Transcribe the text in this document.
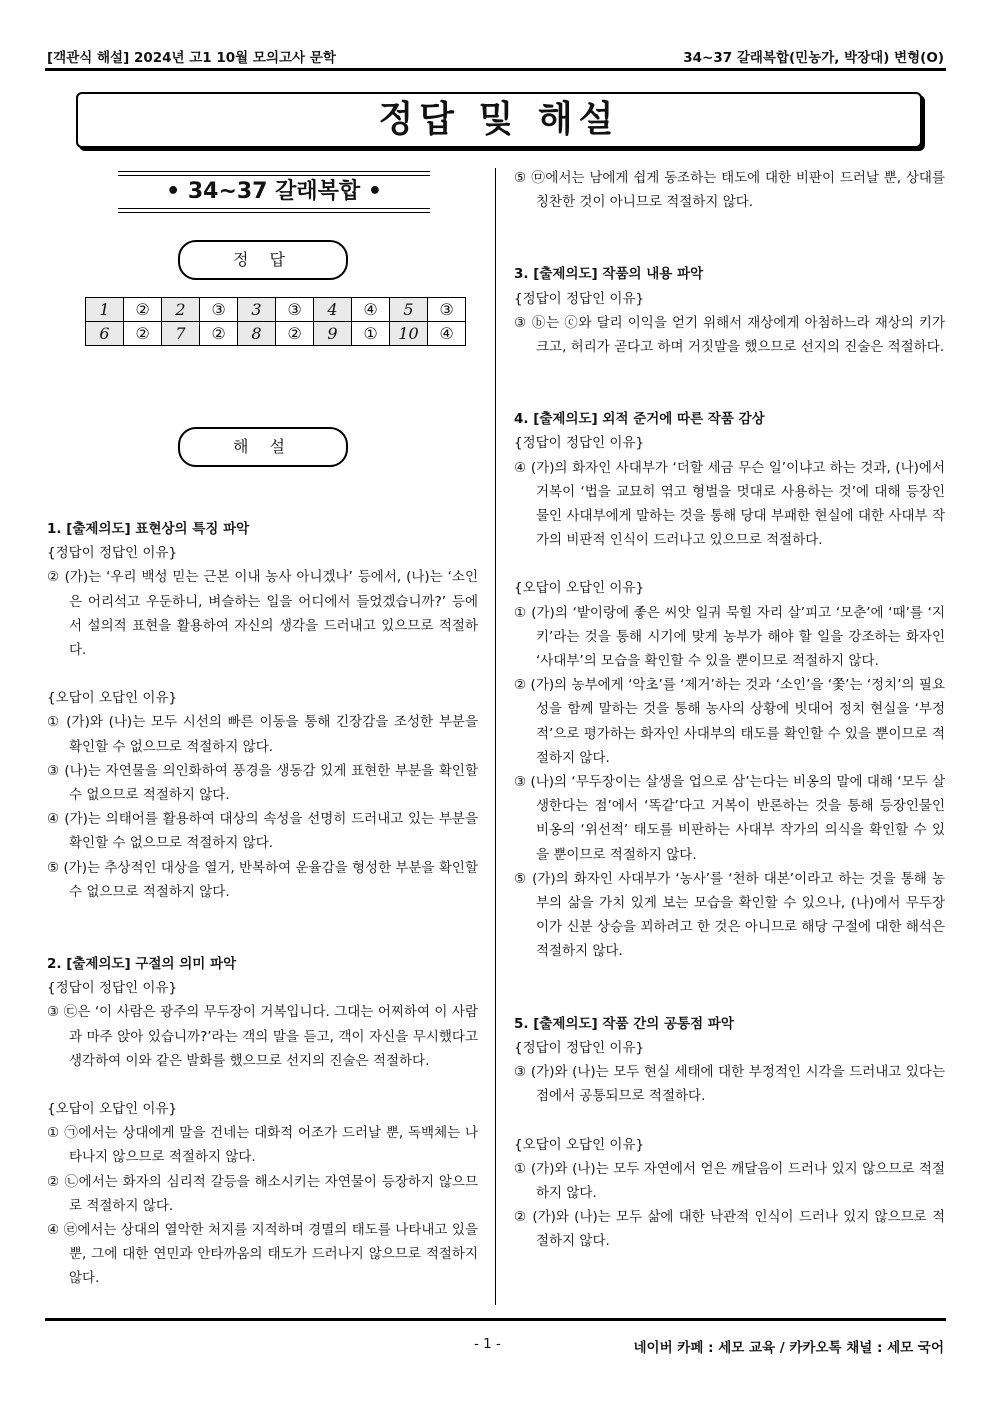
[객관식 해설] 2024년 고1 10월 모의고사 문학	34~37 갈래복합(민농가, 박장대) 변형(O)
정답 및 해설
• 34~37 갈래복합 •
정 답
1	②	2	③	3	③	4	④	5	③
6	②	7	②	8	②	9	①	10	④
해 설

1. [출제의도] 표현상의 특징 파악

{정답이 정답인 이유}

② (가)는 ‘우리 백성 믿는 근본 이내 농사 아니겠나’ 등에서, (나)는 ‘소인은 어리석고 우둔하니, 벼슬하는 일을 어디에서 들었겠습니까?’ 등에서 설의적 표현을 활용하여 자신의 생각을 드러내고 있으므로 적절하다.

{오답이 오답인 이유}

① (가)와 (나)는 모두 시선의 빠른 이동을 통해 긴장감을 조성한 부분을 확인할 수 없으므로 적절하지 않다.

③ (나)는 자연물을 의인화하여 풍경을 생동감 있게 표현한 부분을 확인할 수 없으므로 적절하지 않다.

④ (가)는 의태어를 활용하여 대상의 속성을 선명히 드러내고 있는 부분을 확인할 수 없으므로 적절하지 않다.

⑤ (가)는 추상적인 대상을 열거, 반복하여 운율감을 형성한 부분을 확인할 수 없으므로 적절하지 않다.

2. [출제의도] 구절의 의미 파악

{정답이 정답인 이유}

③ ㉢은 ‘이 사람은 광주의 무두장이 거복입니다. 그대는 어찌하여 이 사람과 마주 앉아 있습니까?’라는 객의 말을 듣고, 객이 자신을 무시했다고 생각하여 이와 같은 발화를 했으므로 선지의 진술은 적절하다.

{오답이 오답인 이유}

① ㉠에서는 상대에게 말을 건네는 대화적 어조가 드러날 뿐, 독백체는 나타나지 않으므로 적절하지 않다.

② ㉡에서는 화자의 심리적 갈등을 해소시키는 자연물이 등장하지 않으므로 적절하지 않다.

④ ㉣에서는 상대의 열악한 처지를 지적하며 경멸의 태도를 나타내고 있을 뿐, 그에 대한 연민과 안타까움의 태도가 드러나지 않으므로 적절하지 않다.

⑤ ㉤에서는 남에게 쉽게 동조하는 태도에 대한 비판이 드러날 뿐, 상대를 칭찬한 것이 아니므로 적절하지 않다.

3. [출제의도] 작품의 내용 파악

{정답이 정답인 이유}

③ ⓑ는 ⓒ와 달리 이익을 얻기 위해서 재상에게 아첨하느라 재상의 키가 크고, 허리가 곧다고 하며 거짓말을 했으므로 선지의 진술은 적절하다.

4. [출제의도] 외적 준거에 따른 작품 감상

{정답이 정답인 이유}

④ (가)의 화자인 사대부가 ‘더할 세금 무슨 일’이냐고 하는 것과, (나)에서 거복이 ‘법을 교묘히 엮고 형벌을 멋대로 사용하는 것’에 대해 등장인물인 사대부에게 말하는 것을 통해 당대 부패한 현실에 대한 사대부 작가의 비판적 인식이 드러나고 있으므로 적절하다.

{오답이 오답인 이유}

① (가)의 ‘밭이랑에 좋은 씨앗 일궈 묵힐 자리 살’피고 ‘모춘’에 ‘때’를 ‘지키’라는 것을 통해 시기에 맞게 농부가 해야 할 일을 강조하는 화자인 ‘사대부’의 모습을 확인할 수 있을 뿐이므로 적절하지 않다.

② (가)의 농부에게 ‘악초’를 ‘제거’하는 것과 ‘소인’을 ‘쫓’는 ‘정치’의 필요성을 함께 말하는 것을 통해 농사의 상황에 빗대어 정치 현실을 ‘부정적’으로 평가하는 화자인 사대부의 태도를 확인할 수 있을 뿐이므로 적절하지 않다.

③ (나)의 ‘무두장이는 살생을 업으로 삼’는다는 비옹의 말에 대해 ‘모두 살생한다는 점’에서 ‘똑같’다고 거복이 반론하는 것을 통해 등장인물인 비옹의 ‘위선적’ 태도를 비판하는 사대부 작가의 의식을 확인할 수 있을 뿐이므로 적절하지 않다.

⑤ (가)의 화자인 사대부가 ‘농사’를 ‘천하 대본’이라고 하는 것을 통해 농부의 삶을 가치 있게 보는 모습을 확인할 수 있으나, (나)에서 무두장이가 신분 상승을 꾀하려고 한 것은 아니므로 해당 구절에 대한 해석은 적절하지 않다.

5. [출제의도] 작품 간의 공통점 파악

{정답이 정답인 이유}

③ (가)와 (나)는 모두 현실 세태에 대한 부정적인 시각을 드러내고 있다는 점에서 공통되므로 적절하다.

{오답이 오답인 이유}

① (가)와 (나)는 모두 자연에서 얻은 깨달음이 드러나 있지 않으므로 적절하지 않다.

② (가)와 (나)는 모두 삶에 대한 낙관적 인식이 드러나 있지 않으므로 적절하지 않다.

- 1 -	네이버 카페 : 세모 교육 / 카카오톡 채널 : 세모 국어
